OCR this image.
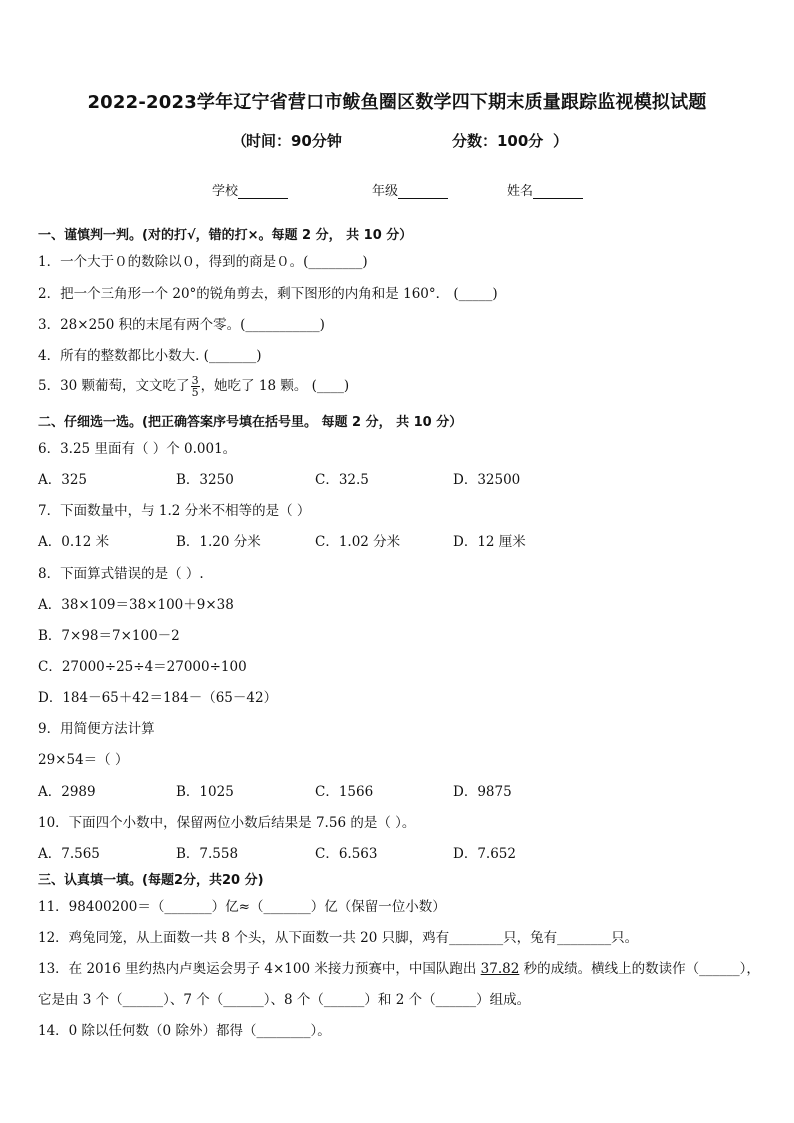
2022-2023学年辽宁省营口市鲅鱼圈区数学四下期末质量跟踪监视模拟试题
（
时间：90分钟	分数：100分 ）
学校	年级	姓名
一、谨慎判一判。(对的打√，错的打×。每题 2 分， 共 10 分）
1．一个大于０的数除以０，得到的商是０。(________)
2．把一个三角形一个 20°的锐角剪去，剩下图形的内角和是 160°． (_____)
3．28×250 积的末尾有两个零。(___________)
4．所有的整数都比小数大. (_______)
5．30 颗葡萄，文文吃了 $\frac{3}{5}$ ，她吃了 18 颗。 (____)
二、仔细选一选。(把正确答案序号填在括号里。 每题 2 分， 共 10 分）
6．3.25 里面有（ ）个 0.001。
A．325	B．3250	C．32.5	D．32500
7．下面数量中，与 1.2 分米不相等的是（ ）
A．0.12 米	B．1.20 分米	C．1.02 分米	D．12 厘米
8．下面算式错误的是（ ）.
A．38×109＝38×100＋9×38
B．7×98＝7×100－2
C．27000÷25÷4＝27000÷100
D．184－65＋42＝184－（65－42）
9．用简便方法计算
29×54＝（ ）
A．2989	B．1025	C．1566	D．9875
10．下面四个小数中，保留两位小数后结果是 7.56 的是（ ）。
A．7.565	B．7.558	C．6.563	D．7.652
三、认真填一填。(每题2分，共20 分)
11．98400200＝（_______）亿≈（_______）亿（保留一位小数）
12．鸡兔同笼，从上面数一共 8 个头，从下面数一共 20 只脚，鸡有________只，兔有________只。
13．在 2016 里约热内卢奥运会男子 4×100 米接力预赛中，中国队跑出 37.82 秒的成绩。横线上的数读作（______），
它是由 3 个（______）、7 个（______）、8 个（______）和 2 个（______）组成。
14．0 除以任何数（0 除外）都得（________）。
